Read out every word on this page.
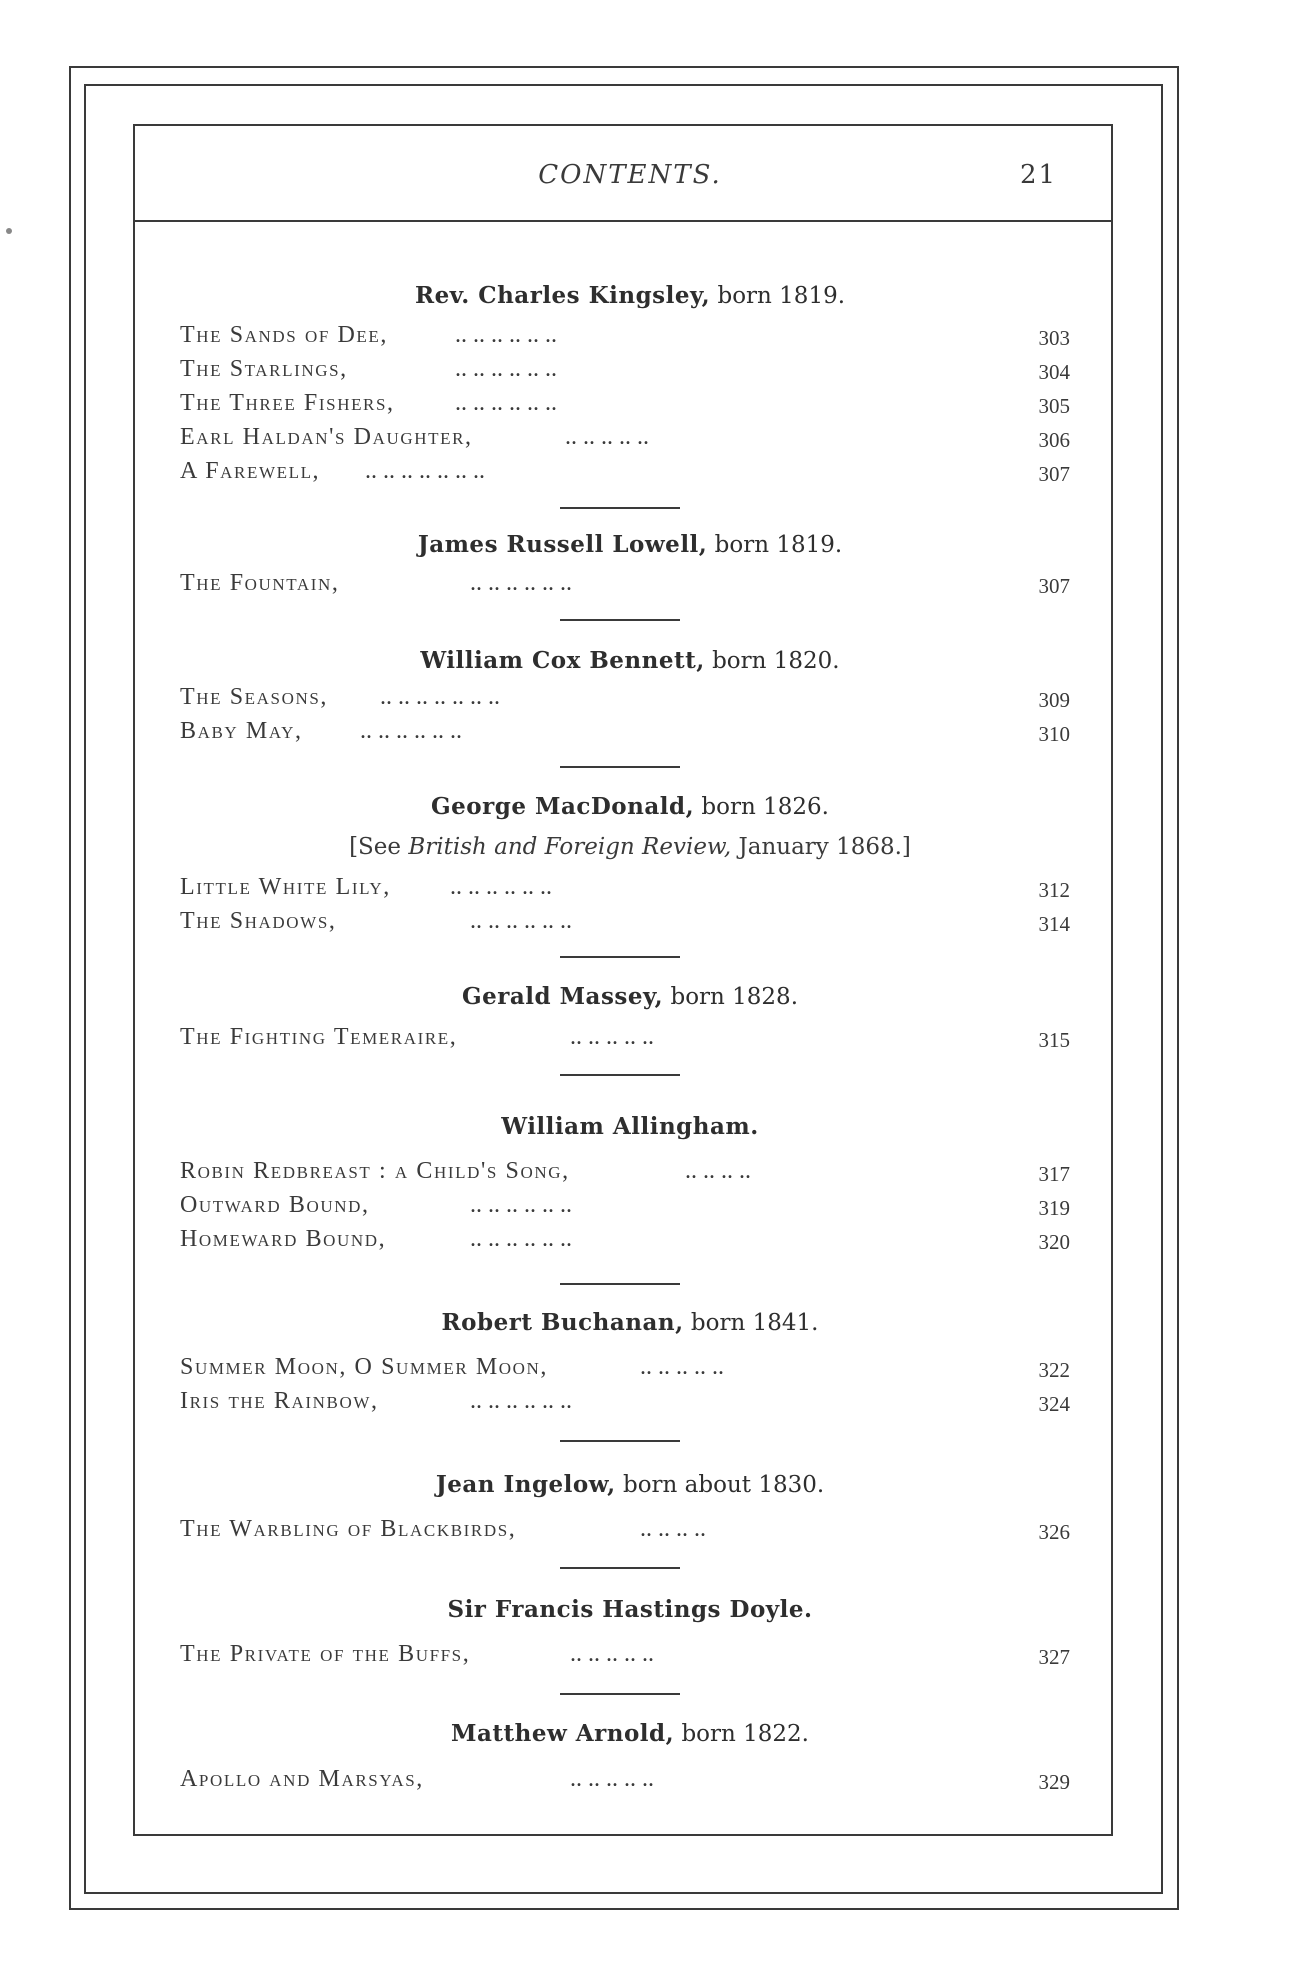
CONTENTS.	21
Rev. Charles Kingsley, born 1819.
The Sands of Dee,	.. .. .. .. .. ..	303
The Starlings,	.. .. .. .. .. ..	304
The Three Fishers,	.. .. .. .. .. ..	305
Earl Haldan's Daughter,	.. .. .. .. ..	306
A Farewell, .. .. .. .. .. .. ..	307
James Russell Lowell, born 1819.
The Fountain,	.. .. .. .. .. ..	307
William Cox Bennett, born 1820.
The Seasons, .. .. .. .. .. .. ..	309
Baby May, .. .. .. .. .. ..	310
George MacDonald, born 1826.
[See British and Foreign Review, January 1868.]
Little White Lily, .. .. .. .. .. ..	312
The Shadows,	.. .. .. .. .. ..	314
Gerald Massey, born 1828.
The Fighting Temeraire,	.. .. .. .. ..	315
William Allingham.
Robin Redbreast : a Child's Song,	.. .. .. ..	317
Outward Bound,	.. .. .. .. .. ..	319
Homeward Bound,	.. .. .. .. .. ..	320
Robert Buchanan, born 1841.
Summer Moon, O Summer Moon,	.. .. .. .. ..	322
Iris the Rainbow,	.. .. .. .. .. ..	324
Jean Ingelow, born about 1830.
The Warbling of Blackbirds,	.. .. .. ..	326
Sir Francis Hastings Doyle.
The Private of the Buffs,	.. .. .. .. ..	327
Matthew Arnold, born 1822.
Apollo and Marsyas,	.. .. .. .. ..	329
